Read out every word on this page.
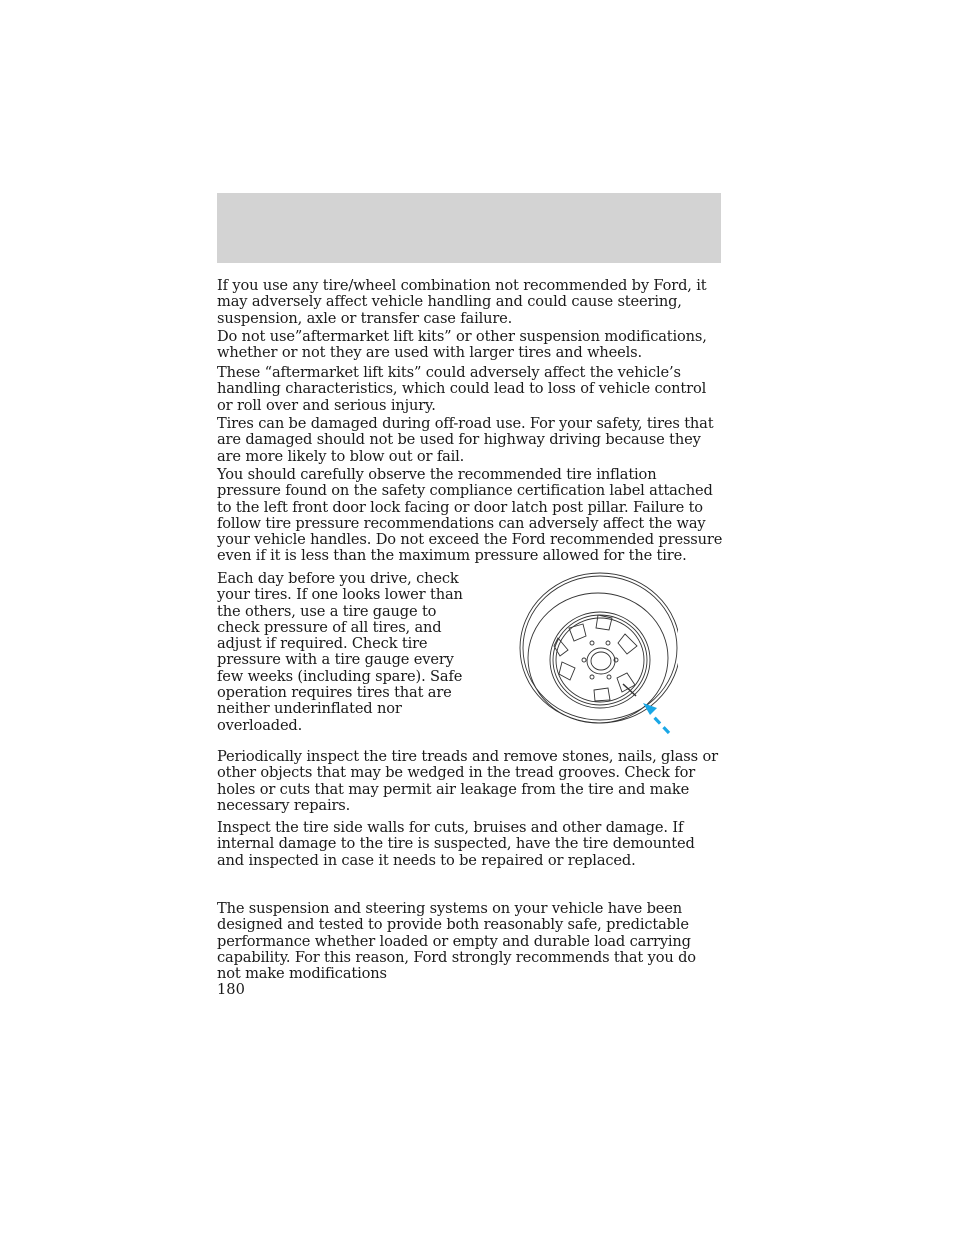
If you use any tire/wheel combination not recommended by Ford, it may adversely affect vehicle handling and could cause steering, suspension, axle or transfer case failure.

Do not use”aftermarket lift kits” or other suspension modifications, whether or not they are used with larger tires and wheels.

These “aftermarket lift kits” could adversely affect the vehicle’s handling characteristics, which could lead to loss of vehicle control or roll over and serious injury.

Tires can be damaged during off-road use. For your safety, tires that are damaged should not be used for highway driving because they are more likely to blow out or fail.

You should carefully observe the recommended tire inflation pressure found on the safety compliance certification label attached to the left front door lock facing or door latch post pillar. Failure to follow tire pressure recommendations can adversely affect the way your vehicle handles. Do not exceed the Ford recommended pressure even if it is less than the maximum pressure allowed for the tire.

Each day before you drive, check your tires. If one looks lower than the others, use a tire gauge to check pressure of all tires, and adjust if required. Check tire pressure with a tire gauge every few weeks (including spare). Safe operation requires tires that are neither underinflated nor overloaded.

Periodically inspect the tire treads and remove stones, nails, glass or other objects that may be wedged in the tread grooves. Check for holes or cuts that may permit air leakage from the tire and make necessary repairs.

Inspect the tire side walls for cuts, bruises and other damage. If internal damage to the tire is suspected, have the tire demounted and inspected in case it needs to be repaired or replaced.

The suspension and steering systems on your vehicle have been designed and tested to provide both reasonably safe, predictable performance whether loaded or empty and durable load carrying capability. For this reason, Ford strongly recommends that you do not make modifications

180
